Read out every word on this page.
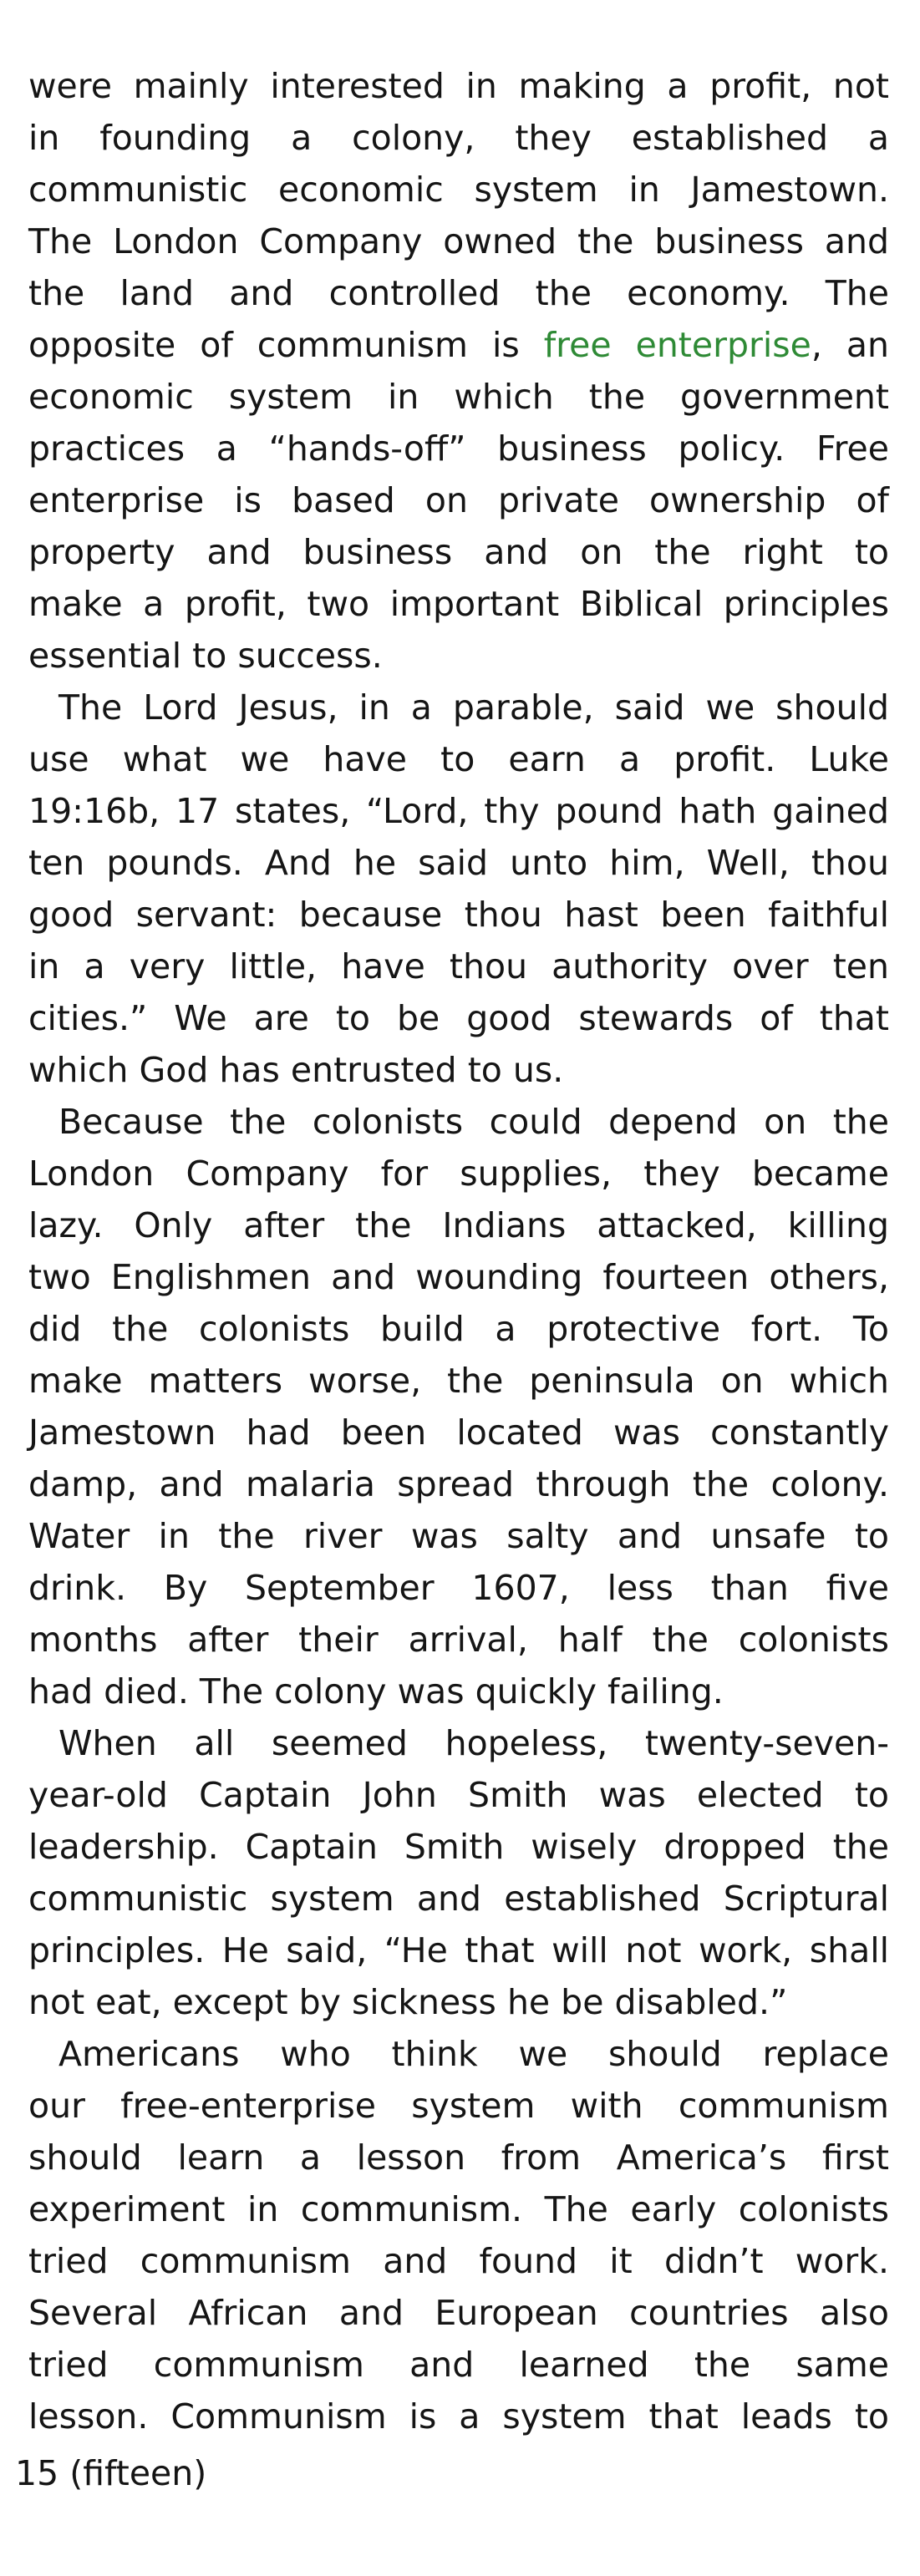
were mainly interested in making a profit, not
in founding a colony, they established a
communistic economic system in Jamestown.
The London Company owned the business and
the land and controlled the economy. The
opposite of communism is free enterprise, an
economic system in which the government
practices a “hands-off” business policy. Free
enterprise is based on private ownership of
property and business and on the right to
make a profit, two important Biblical principles
essential to success.
The Lord Jesus, in a parable, said we should
use what we have to earn a profit. Luke
19:16b, 17 states, “Lord, thy pound hath gained
ten pounds. And he said unto him, Well, thou
good servant: because thou hast been faithful
in a very little, have thou authority over ten
cities.” We are to be good stewards of that
which God has entrusted to us.
Because the colonists could depend on the
London Company for supplies, they became
lazy. Only after the Indians attacked, killing
two Englishmen and wounding fourteen others,
did the colonists build a protective fort. To
make matters worse, the peninsula on which
Jamestown had been located was constantly
damp, and malaria spread through the colony.
Water in the river was salty and unsafe to
drink. By September 1607, less than five
months after their arrival, half the colonists
had died. The colony was quickly failing.
When all seemed hopeless, twenty-seven-
year-old Captain John Smith was elected to
leadership. Captain Smith wisely dropped the
communistic system and established Scriptural
principles. He said, “He that will not work, shall
not eat, except by sickness he be disabled.”
Americans who think we should replace
our free-enterprise system with communism
should learn a lesson from America’s first
experiment in communism. The early colonists
tried communism and found it didn’t work.
Several African and European countries also
tried communism and learned the same
lesson. Communism is a system that leads to
15 (fifteen)
